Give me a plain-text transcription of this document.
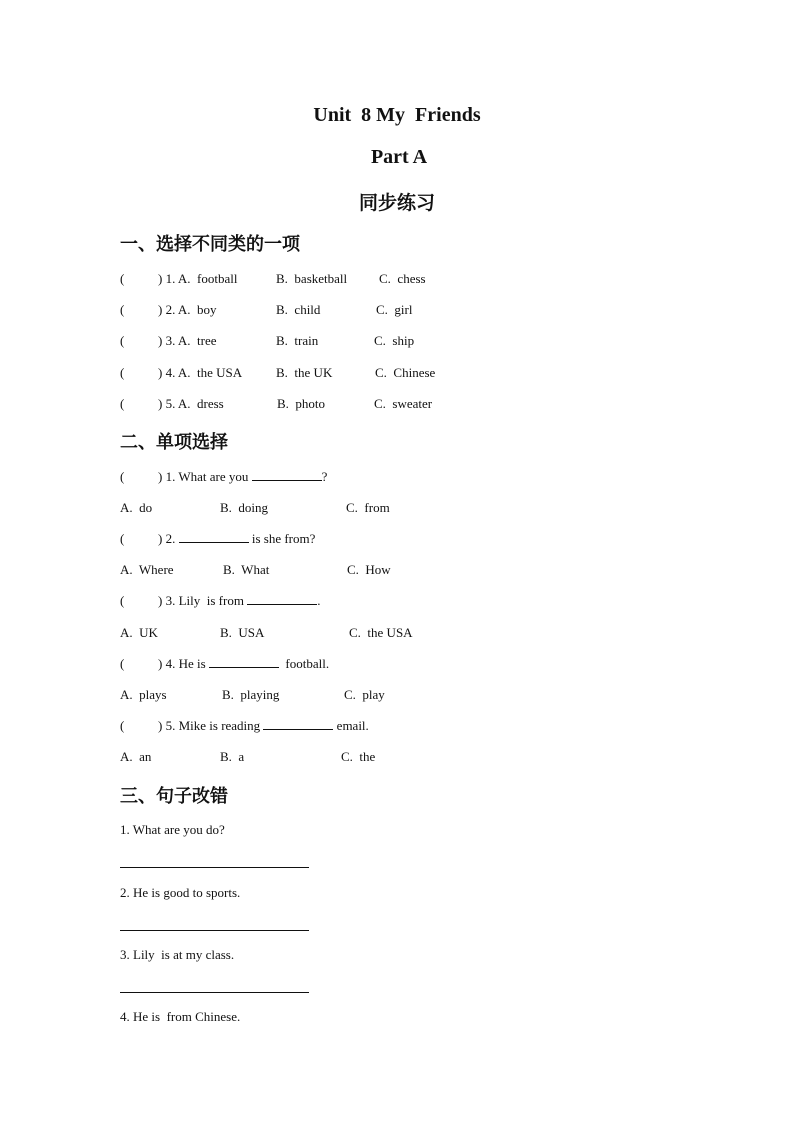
Unit  8 My  Friends
Part A
同步练习
一、选择不同类的一项
(	) 1. A.  football	B.  basketball C.  chess
(	) 2. A.  boy	B.  child	C.  girl
(	) 3. A.  tree	B.  train	C.  ship
(	) 4. A.  the USA	B.  the UK	C.  Chinese
(	) 5. A.  dress	B.  photo	C.  sweater
二、单项选择
(	) 1. What are you	?
A.  do	B.  doing	C.  from
(	) 2.	is she from?
A.  Where	B.  What	C.  How
(	) 3. Lily  is from	.
A.  UK	B.  USA	C.  the USA
(	) 4. He is	football.
A.  plays	B.  playing	C.  play
(	) 5. Mike is reading	email.
A.  an	B.  a	C.  the
三、句子改错
1. What are you do?
2. He is good to sports.
3. Lily  is at my class.
4. He is  from Chinese.
